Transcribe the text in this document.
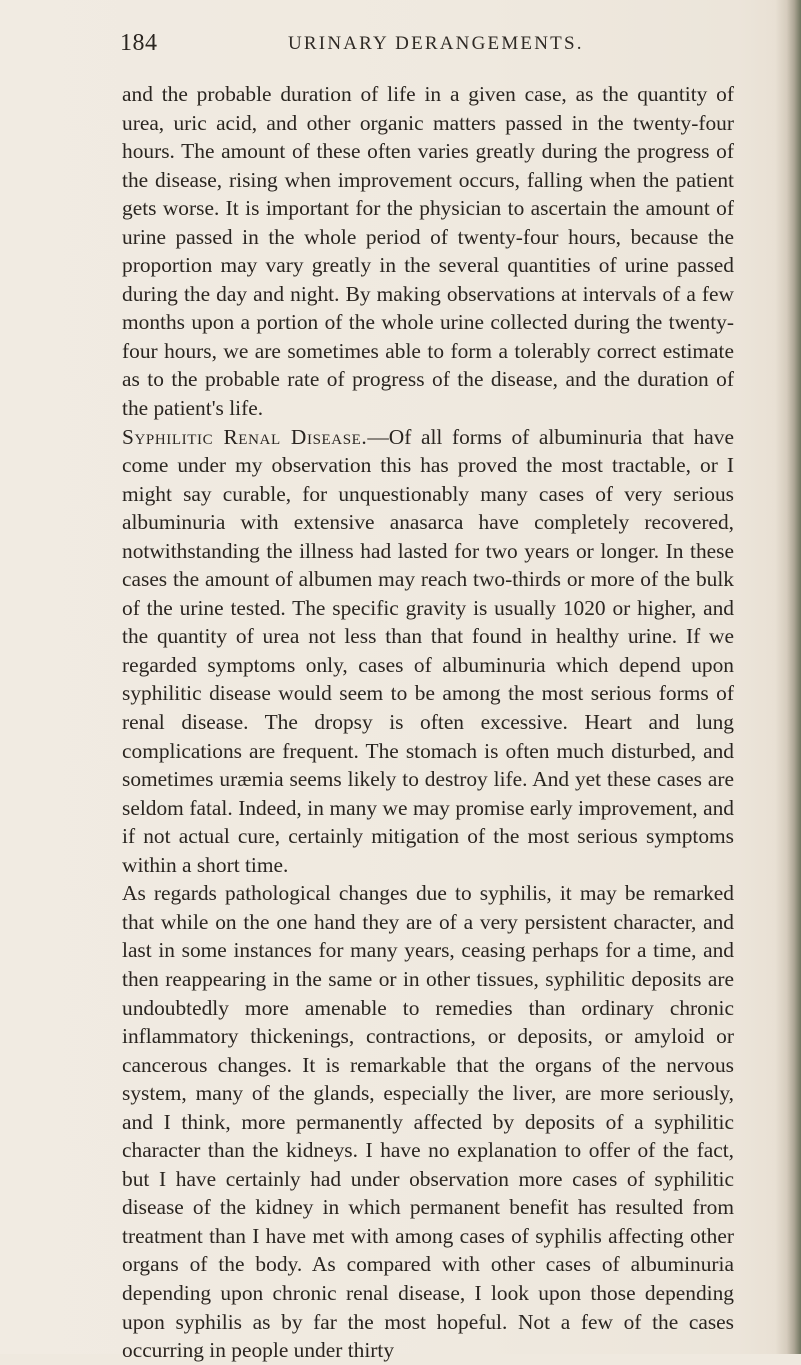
184	URINARY DERANGEMENTS.

and the probable duration of life in a given case, as the quantity of urea, uric acid, and other organic matters passed in the twenty-four hours. The amount of these often varies greatly during the progress of the disease, rising when improvement occurs, falling when the patient gets worse. It is important for the physician to ascertain the amount of urine passed in the whole period of twenty-four hours, because the proportion may vary greatly in the several quantities of urine passed during the day and night. By making observations at intervals of a few months upon a portion of the whole urine collected during the twenty-four hours, we are sometimes able to form a tolerably correct estimate as to the probable rate of progress of the disease, and the duration of the patient's life.

Syphilitic Renal Disease.—Of all forms of albuminuria that have come under my observation this has proved the most tractable, or I might say curable, for unquestionably many cases of very serious albuminuria with extensive anasarca have completely recovered, notwithstanding the illness had lasted for two years or longer. In these cases the amount of albumen may reach two-thirds or more of the bulk of the urine tested. The specific gravity is usually 1020 or higher, and the quantity of urea not less than that found in healthy urine. If we regarded symptoms only, cases of albuminuria which depend upon syphilitic disease would seem to be among the most serious forms of renal disease. The dropsy is often excessive. Heart and lung complications are frequent. The stomach is often much disturbed, and sometimes uræmia seems likely to destroy life. And yet these cases are seldom fatal. Indeed, in many we may promise early improvement, and if not actual cure, certainly mitigation of the most serious symptoms within a short time.

As regards pathological changes due to syphilis, it may be remarked that while on the one hand they are of a very persistent character, and last in some instances for many years, ceasing perhaps for a time, and then reappearing in the same or in other tissues, syphilitic deposits are undoubtedly more amenable to remedies than ordinary chronic inflammatory thickenings, contractions, or deposits, or amyloid or cancerous changes. It is remarkable that the organs of the nervous system, many of the glands, especially the liver, are more seriously, and I think, more permanently affected by deposits of a syphilitic character than the kidneys. I have no explanation to offer of the fact, but I have certainly had under observation more cases of syphilitic disease of the kidney in which permanent benefit has resulted from treatment than I have met with among cases of syphilis affecting other organs of the body. As compared with other cases of albuminuria depending upon chronic renal disease, I look upon those depending upon syphilis as by far the most hopeful. Not a few of the cases occurring in people under thirty
